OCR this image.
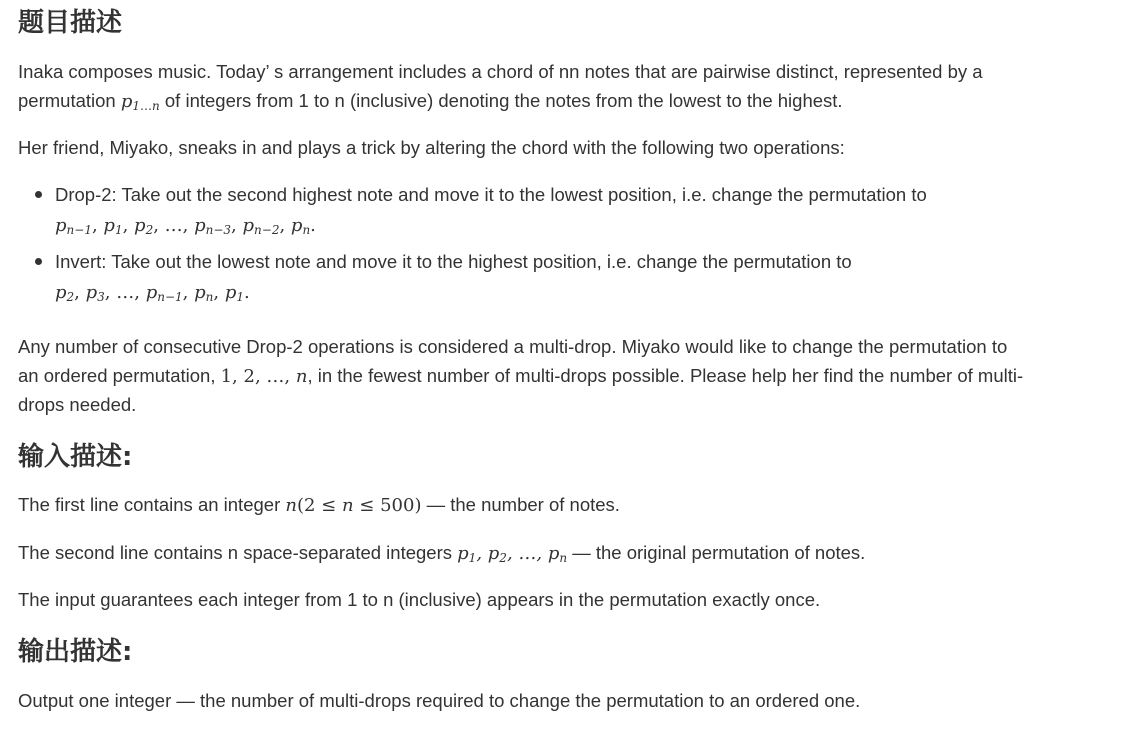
题目描述
Inaka composes music. Today’ s arrangement includes a chord of nn notes that are pairwise distinct, represented by a
permutation $p_{1\dots n}$ of integers from 1 to n (inclusive) denoting the notes from the lowest to the highest.
Her friend, Miyako, sneaks in and plays a trick by altering the chord with the following two operations:
Drop-2: Take out the second highest note and move it to the lowest position, i.e. change the permutation to
$p_{n-1}$, $p_1$, $p_2$, …, $p_{n-3}$, $p_{n-2}$, $p_n$.
Invert: Take out the lowest note and move it to the highest position, i.e. change the permutation to
$p_2$, $p_3$, …, $p_{n-1}$, $p_n$, $p_1$.
Any number of consecutive Drop-2 operations is considered a multi-drop. Miyako would like to change the permutation to
an ordered permutation, 1, 2, …, n, in the fewest number of multi-drops possible. Please help her find the number of multi-
drops needed.
输入描述:
The first line contains an integer n(2 ≤ n ≤ 500) — the number of notes.
The second line contains n space-separated integers $p_1$, $p_2$, …, $p_n$ — the original permutation of notes.
The input guarantees each integer from 1 to n (inclusive) appears in the permutation exactly once.
输出描述:
Output one integer — the number of multi-drops required to change the permutation to an ordered one.
